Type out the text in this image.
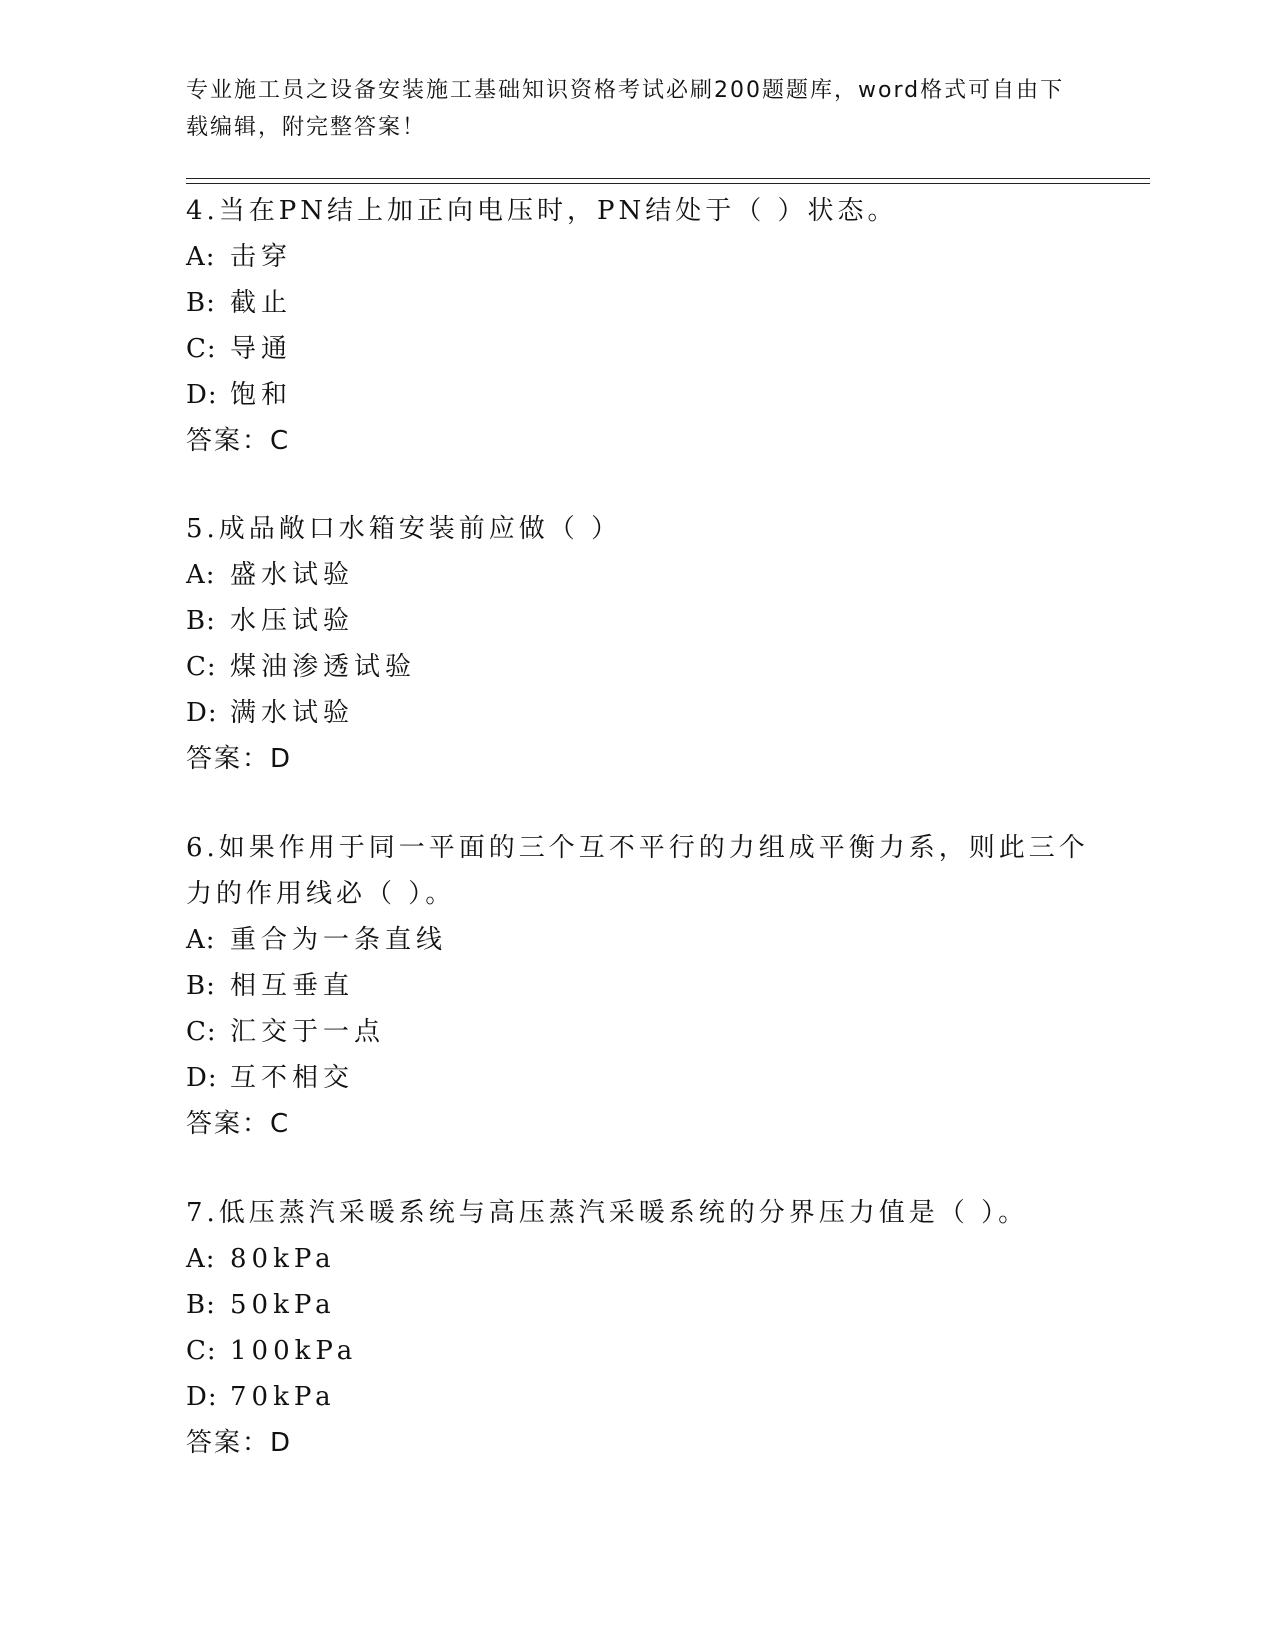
专业施工员之设备安装施工基础知识资格考试必刷200题题库，word格式可自由下载编辑，附完整答案！

4.当在PN结上加正向电压时，PN结处于（ ）状态。

A: 击穿
B: 截止
C: 导通
D: 饱和
答案：C

5.成品敞口水箱安装前应做（ ）

A: 盛水试验
B: 水压试验
C: 煤油渗透试验
D: 满水试验
答案：D

6.如果作用于同一平面的三个互不平行的力组成平衡力系，则此三个

力的作用线必（ ）。

A: 重合为一条直线
B: 相互垂直
C: 汇交于一点
D: 互不相交
答案：C

7.低压蒸汽采暖系统与高压蒸汽采暖系统的分界压力值是（ ）。

A: 80kPa
B: 50kPa
C: 100kPa
D: 70kPa
答案：D
